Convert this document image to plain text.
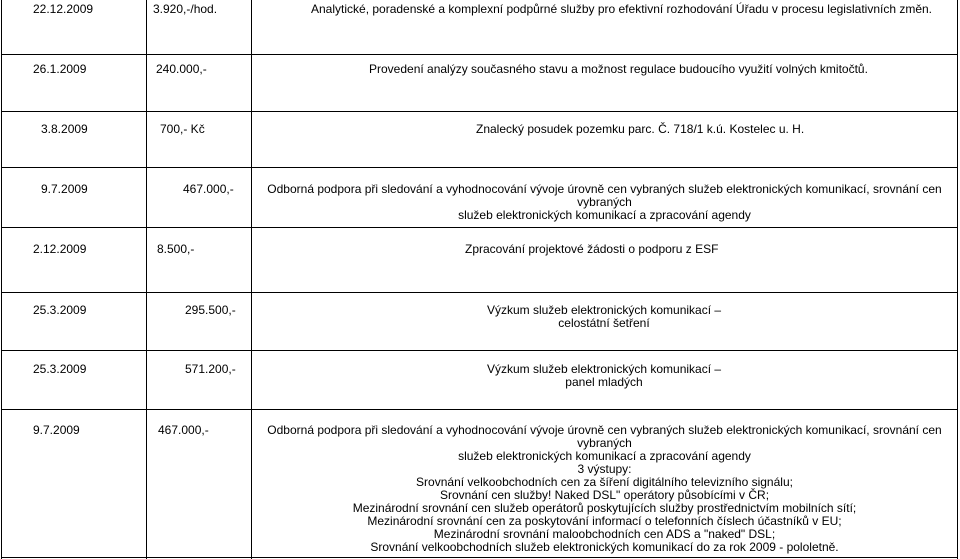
22.12.2009	3.920,-/hod.	Analytické, poradenské a komplexní podpůrné služby pro efektivní rozhodování Úřadu v procesu legislativních změn.
26.1.2009	240.000,-	Provedení analýzy současného stavu a možnost regulace budoucího využití volných kmitočtů.
3.8.2009	700,- Kč	Znalecký posudek pozemku parc. Č. 718/1 k.ú. Kostelec u. H.
9.7.2009	467.000,-	Odborná podpora při sledování a vyhodnocování vývoje úrovně cen vybraných služeb elektronických komunikací, srovnání cen vybraných
služeb elektronických komunikací a zpracování agendy
2.12.2009	8.500,-	Zpracování projektové žádosti o podporu z ESF
25.3.2009	295.500,-	Výzkum služeb elektronických komunikací –
celostátní šetření
25.3.2009	571.200,-	Výzkum služeb elektronických komunikací –
panel mladých
9.7.2009	467.000,-	Odborná podpora při sledování a vyhodnocování vývoje úrovně cen vybraných služeb elektronických komunikací, srovnání cen vybraných
služeb elektronických komunikací a zpracování agendy
3 výstupy:
Srovnání velkoobchodních cen za šíření digitálního televizního signálu;
Srovnání cen služby! Naked DSL" operátory působícími v ČR;
Mezinárodní srovnání cen služeb operátorů poskytujících služby prostřednictvím mobilních sítí;
Mezinárodní srovnání cen za poskytování informací o telefonních číslech účastníků v EU;
Mezinárodní srovnání maloobchodních cen ADS a "naked" DSL;
Srovnání velkoobchodních služeb elektronických komunikací do za rok 2009 - pololetně.
